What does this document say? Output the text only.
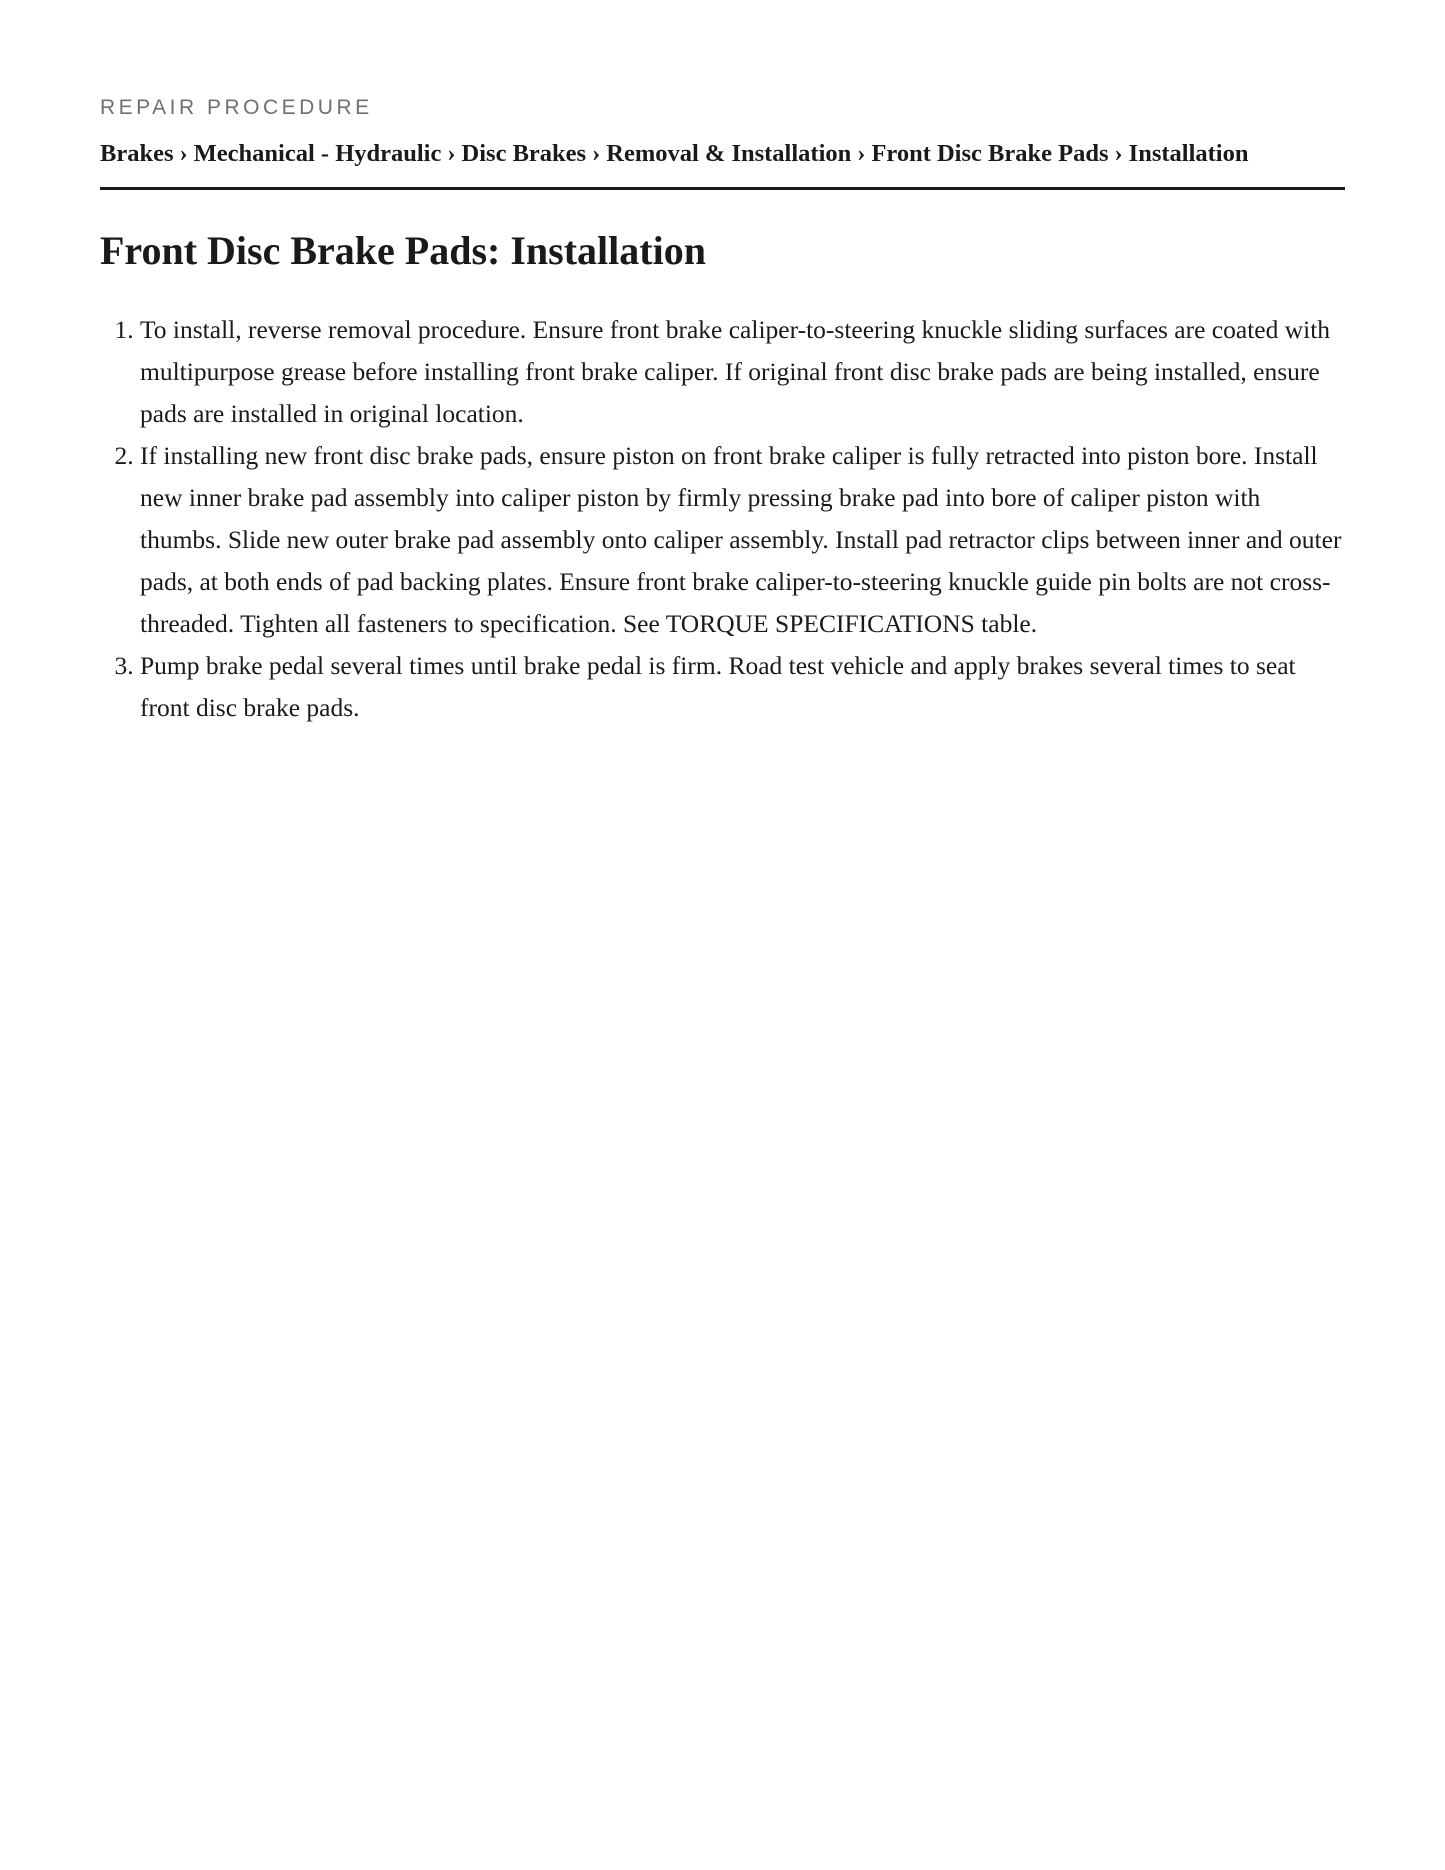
REPAIR PROCEDURE
Brakes › Mechanical - Hydraulic › Disc Brakes › Removal & Installation › Front Disc Brake Pads › Installation
Front Disc Brake Pads: Installation
1. To install, reverse removal procedure. Ensure front brake caliper-to-steering knuckle sliding surfaces are coated with multipurpose grease before installing front brake caliper. If original front disc brake pads are being installed, ensure pads are installed in original location.
2. If installing new front disc brake pads, ensure piston on front brake caliper is fully retracted into piston bore. Install new inner brake pad assembly into caliper piston by firmly pressing brake pad into bore of caliper piston with thumbs. Slide new outer brake pad assembly onto caliper assembly. Install pad retractor clips between inner and outer pads, at both ends of pad backing plates. Ensure front brake caliper-to-steering knuckle guide pin bolts are not cross-threaded. Tighten all fasteners to specification. See TORQUE SPECIFICATIONS table.
3. Pump brake pedal several times until brake pedal is firm. Road test vehicle and apply brakes several times to seat front disc brake pads.
